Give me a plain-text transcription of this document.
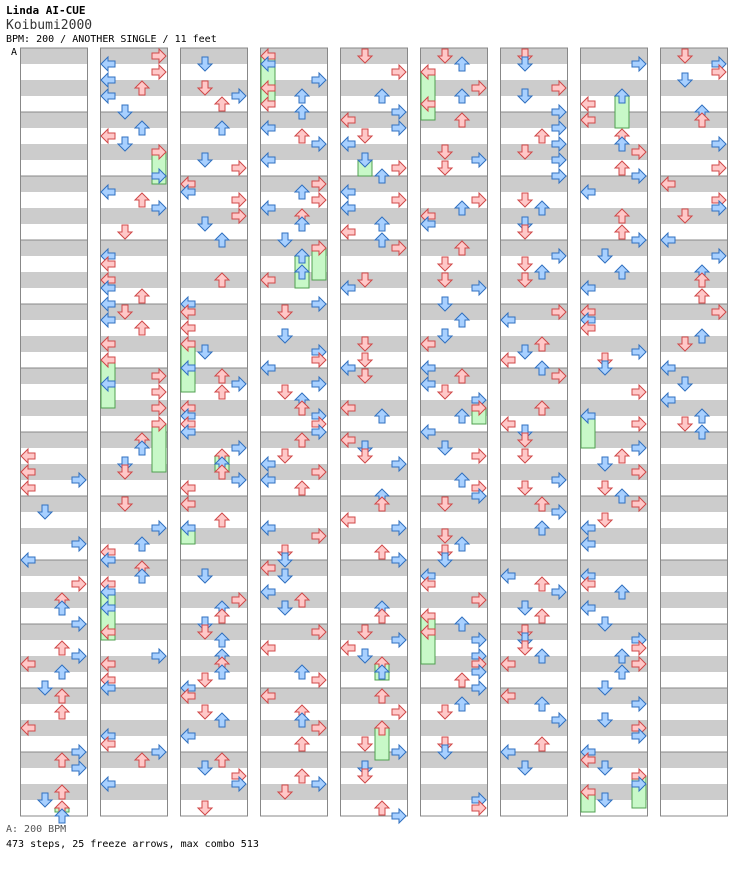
Linda AI-CUE
Koibumi2000
BPM: 200 / ANOTHER SINGLE / 11 feet
A
A: 200 BPM
473 steps, 25 freeze arrows, max combo 513
